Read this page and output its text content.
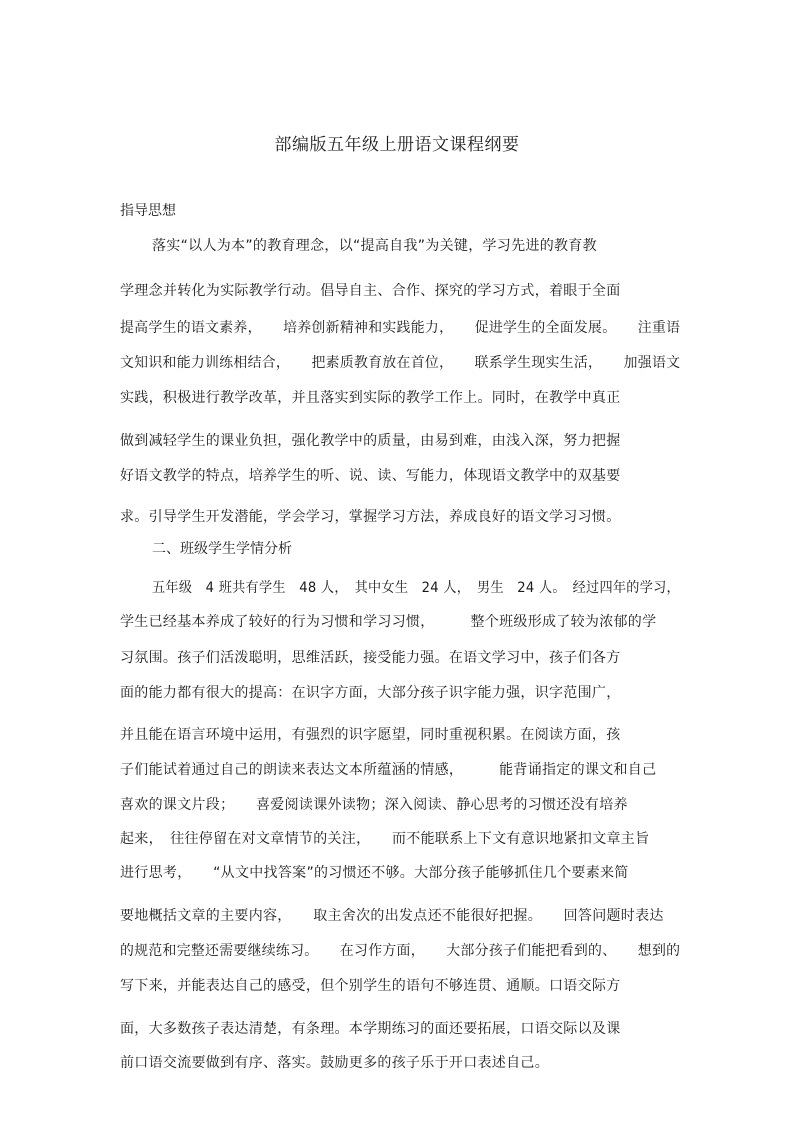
部编版五年级上册语文课程纲要
指导思想
落实“以人为本”的教育理念，以“提高自我”为关键，学习先进的教育教
学理念并转化为实际教学行动。倡导自主、合作、探究的学习方式，着眼于全面
提高学生的语文素养，　　培养创新精神和实践能力，　　促进学生的全面发展。　　注重语
文知识和能力训练相结合，　　把素质教育放在首位，　　联系学生现实生活，　　加强语文
实践，积极进行教学改革，并且落实到实际的教学工作上。同时，在教学中真正
做到减轻学生的课业负担，强化教学中的质量，由易到难，由浅入深，努力把握
好语文教学的特点，培养学生的听、说、读、写能力，体现语文教学中的双基要
求。引导学生开发潜能，学会学习，掌握学习方法，养成良好的语文学习习惯。
二、班级学生学情分析
五年级　4 班共有学生　48 人，　其中女生　24 人，　男生　24 人。　经过四年的学习，
学生已经基本养成了较好的行为习惯和学习习惯，　　　整个班级形成了较为浓郁的学
习氛围。孩子们活泼聪明，思维活跃，接受能力强。在语文学习中，孩子们各方
面的能力都有很大的提高：在识字方面，大部分孩子识字能力强，识字范围广，
并且能在语言环境中运用，有强烈的识字愿望，同时重视积累。在阅读方面，孩
子们能试着通过自己的朗读来表达文本所蕴涵的情感，　　　能背诵指定的课文和自己
喜欢的课文片段；　　喜爱阅读课外读物；深入阅读、静心思考的习惯还没有培养
起来，　往往停留在对文章情节的关注，　　而不能联系上下文有意识地紧扣文章主旨
进行思考，　　“从文中找答案”的习惯还不够。大部分孩子能够抓住几个要素来简
要地概括文章的主要内容，　　取主舍次的出发点还不能很好把握。　　回答问题时表达
的规范和完整还需要继续练习。　　在习作方面，　　大部分孩子们能把看到的、　　想到的
写下来，并能表达自己的感受，但个别学生的语句不够连贯、通顺。口语交际方
面，大多数孩子表达清楚，有条理。本学期练习的面还要拓展，口语交际以及课
前口语交流要做到有序、落实。鼓励更多的孩子乐于开口表述自己。
